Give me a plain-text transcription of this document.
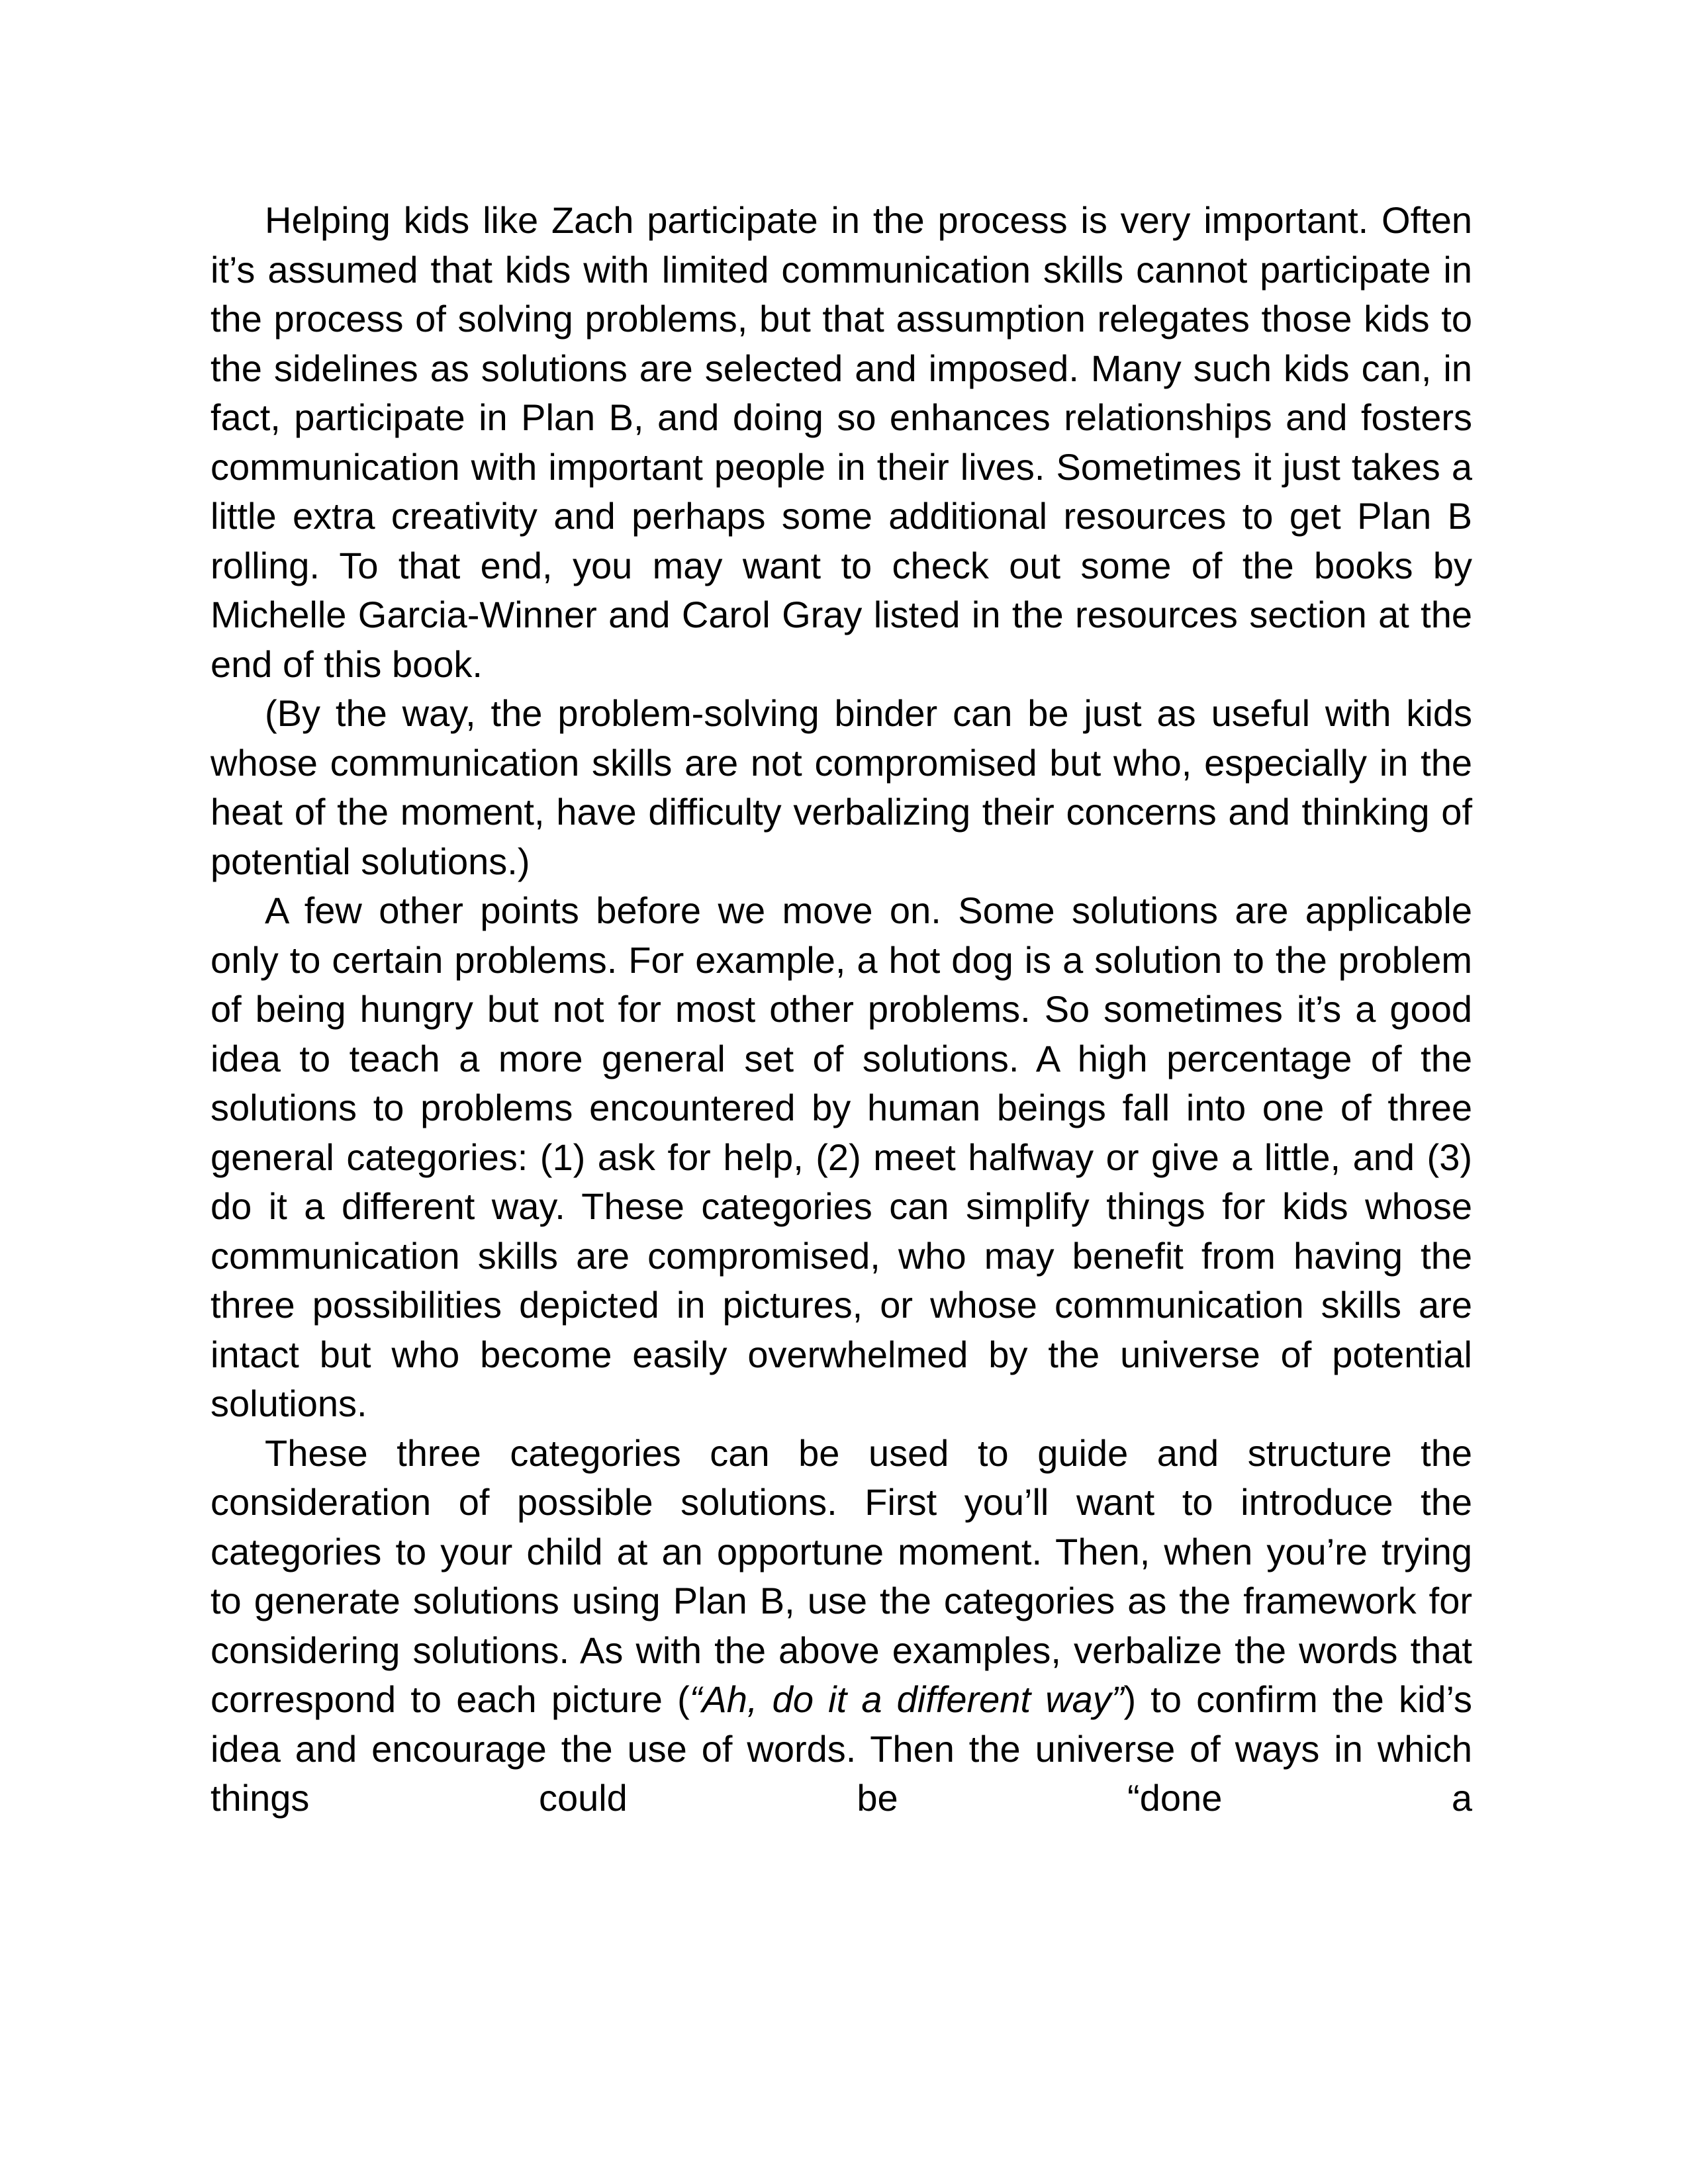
Helping kids like Zach participate in the process is very important. Often it’s assumed that kids with limited communication skills cannot participate in the process of solving problems, but that assumption relegates those kids to the sidelines as solutions are selected and imposed. Many such kids can, in fact, participate in Plan B, and doing so enhances relationships and fosters communication with important people in their lives. Sometimes it just takes a little extra creativity and perhaps some additional resources to get Plan B rolling. To that end, you may want to check out some of the books by Michelle Garcia-Winner and Carol Gray listed in the resources section at the end of this book.

(By the way, the problem-solving binder can be just as useful with kids whose communication skills are not compromised but who, especially in the heat of the moment, have difficulty verbalizing their concerns and thinking of potential solutions.)

A few other points before we move on. Some solutions are applicable only to certain problems. For example, a hot dog is a solution to the problem of being hungry but not for most other problems. So sometimes it’s a good idea to teach a more general set of solutions. A high percentage of the solutions to problems encountered by human beings fall into one of three general categories: (1) ask for help, (2) meet halfway or give a little, and (3) do it a different way. These categories can simplify things for kids whose communication skills are compromised, who may benefit from having the three possibilities depicted in pictures, or whose communication skills are intact but who become easily overwhelmed by the universe of potential solutions.

These three categories can be used to guide and structure the consideration of possible solutions. First you’ll want to introduce the categories to your child at an opportune moment. Then, when you’re trying to generate solutions using Plan B, use the categories as the framework for considering solutions. As with the above examples, verbalize the words that correspond to each picture (“Ah, do it a different way”) to confirm the kid’s idea and encourage the use of words. Then the universe of ways in which things could be “done a
